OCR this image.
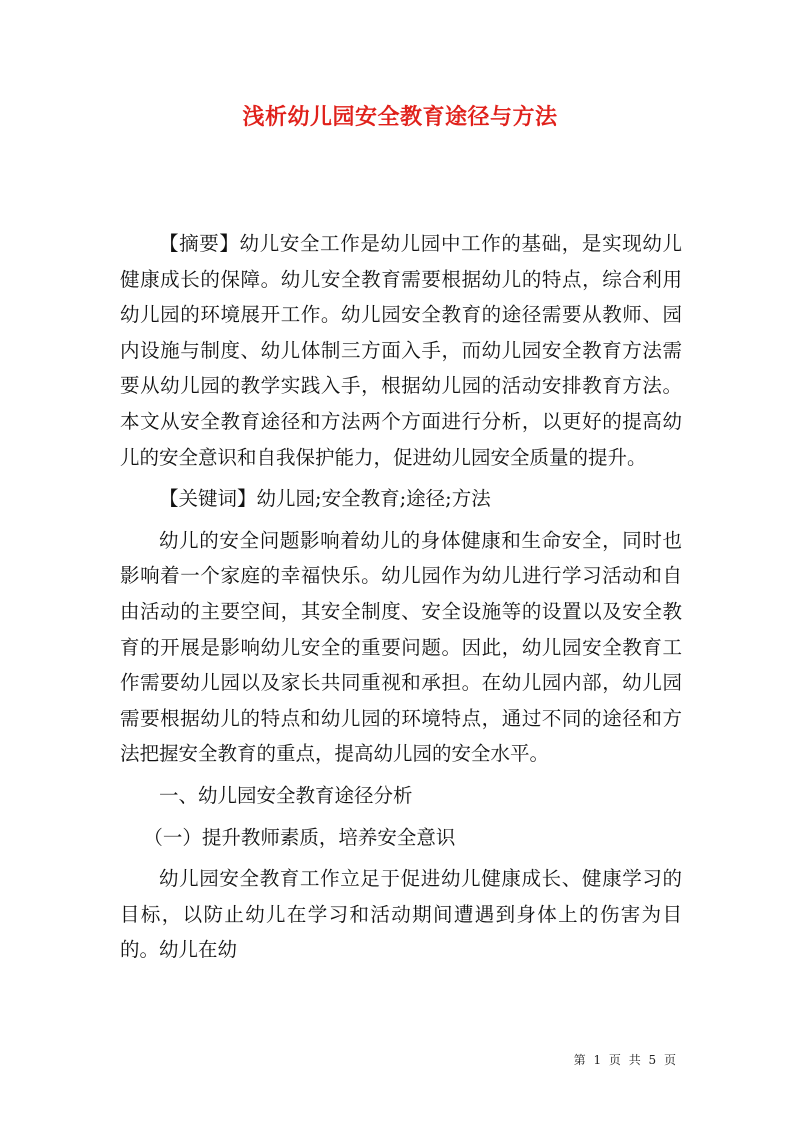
浅析幼儿园安全教育途径与方法

【摘要】幼儿安全工作是幼儿园中工作的基础，是实现幼儿健康成长的保障。幼儿安全教育需要根据幼儿的特点，综合利用幼儿园的环境展开工作。幼儿园安全教育的途径需要从教师、园内设施与制度、幼儿体制三方面入手，而幼儿园安全教育方法需要从幼儿园的教学实践入手，根据幼儿园的活动安排教育方法。本文从安全教育途径和方法两个方面进行分析，以更好的提高幼儿的安全意识和自我保护能力，促进幼儿园安全质量的提升。

【关键词】幼儿园;安全教育;途径;方法

幼儿的安全问题影响着幼儿的身体健康和生命安全，同时也影响着一个家庭的幸福快乐。幼儿园作为幼儿进行学习活动和自由活动的主要空间，其安全制度、安全设施等的设置以及安全教育的开展是影响幼儿安全的重要问题。因此，幼儿园安全教育工作需要幼儿园以及家长共同重视和承担。在幼儿园内部，幼儿园需要根据幼儿的特点和幼儿园的环境特点，通过不同的途径和方法把握安全教育的重点，提高幼儿园的安全水平。

一、幼儿园安全教育途径分析

（一）提升教师素质，培养安全意识

幼儿园安全教育工作立足于促进幼儿健康成长、健康学习的目标，以防止幼儿在学习和活动期间遭遇到身体上的伤害为目的。幼儿在幼

第 1 页 共 5 页
